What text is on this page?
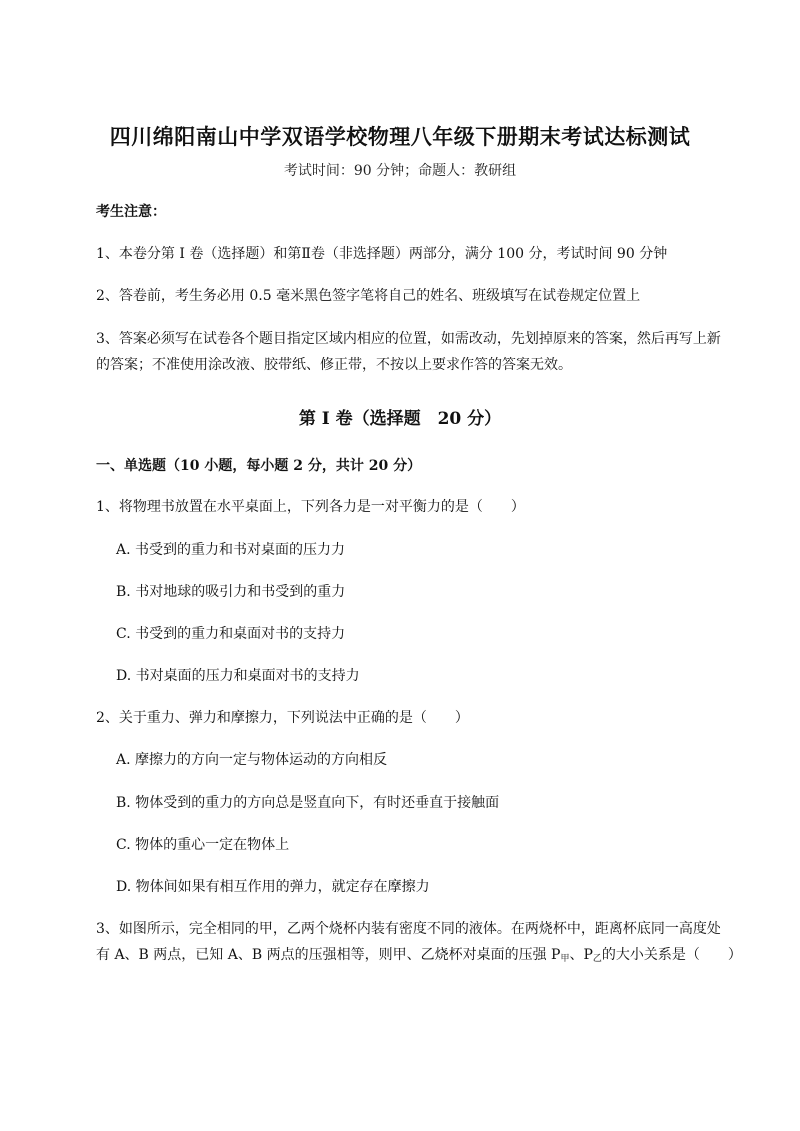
四川绵阳南山中学双语学校物理八年级下册期末考试达标测试
考试时间：90 分钟；命题人：教研组
考生注意：
1、本卷分第 I 卷（选择题）和第Ⅱ卷（非选择题）两部分，满分 100 分，考试时间 90 分钟
2、答卷前，考生务必用 0.5 毫米黑色签字笔将自己的姓名、班级填写在试卷规定位置上
3、答案必须写在试卷各个题目指定区域内相应的位置，如需改动，先划掉原来的答案，然后再写上新
的答案；不准使用涂改液、胶带纸、修正带，不按以上要求作答的答案无效。
第 I 卷（选择题　20 分）
一、单选题（10 小题，每小题 2 分，共计 20 分）
1、将物理书放置在水平桌面上，下列各力是一对平衡力的是（　　）
A. 书受到的重力和书对桌面的压力力
B. 书对地球的吸引力和书受到的重力
C. 书受到的重力和桌面对书的支持力
D. 书对桌面的压力和桌面对书的支持力
2、关于重力、弹力和摩擦力，下列说法中正确的是（　　）
A. 摩擦力的方向一定与物体运动的方向相反
B. 物体受到的重力的方向总是竖直向下，有时还垂直于接触面
C. 物体的重心一定在物体上
D. 物体间如果有相互作用的弹力，就定存在摩擦力
3、如图所示，完全相同的甲，乙两个烧杯内装有密度不同的液体。在两烧杯中，距离杯底同一高度处
有 A、B 两点，已知 A、B 两点的压强相等，则甲、乙烧杯对桌面的压强 $P_甲$、$P_乙$的大小关系是（　　）
